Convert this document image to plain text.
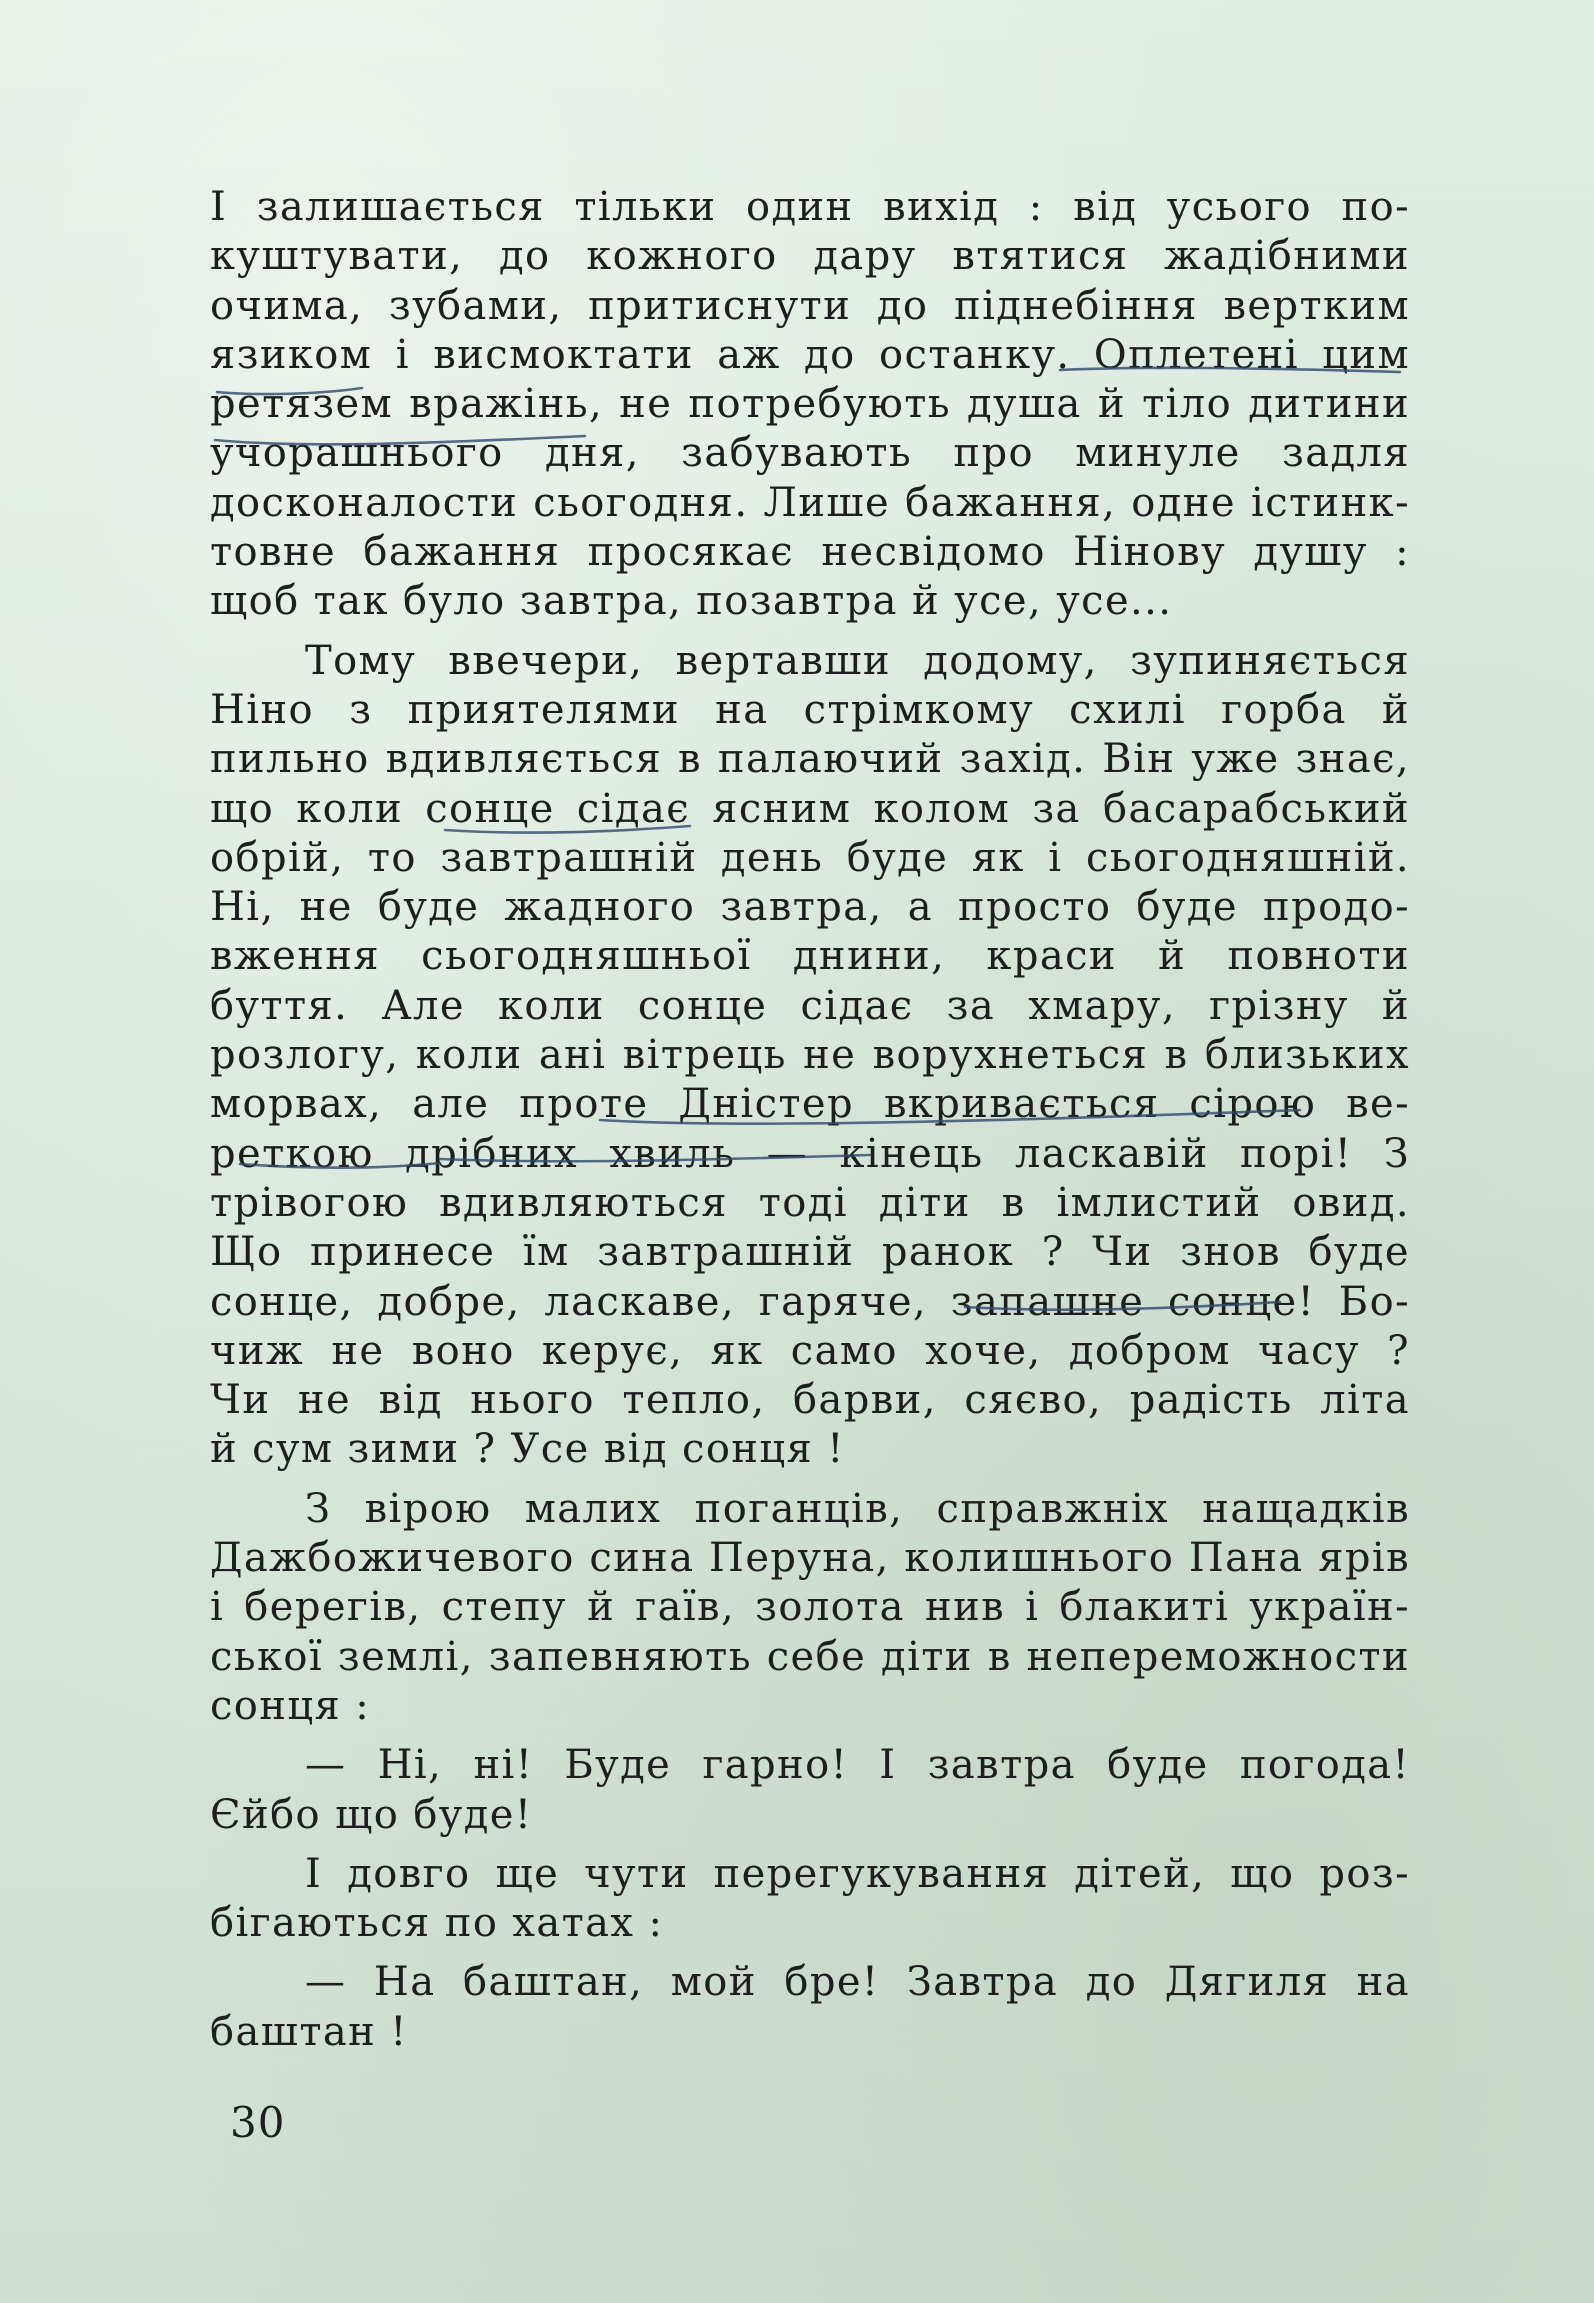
І залишається тільки один вихід : від усього по-
куштувати, до кожного дару втятися жадібними
очима, зубами, притиснути до піднебіння вертким
язиком і висмоктати аж до останку. Оплетені цим
ретязем вражінь, не потребують душа й тіло дитини
учорашнього дня, забувають про минуле задля
досконалости сьогодня. Лише бажання, одне істинк-
товне бажання просякає несвідомо Нінову душу :
щоб так було завтра, позавтра й усе, усе...
Тому ввечери, вертавши додому, зупиняється
Ніно з приятелями на стрімкому схилі горба й
пильно вдивляється в палаючий захід. Він уже знає,
що коли сонце сідає ясним колом за басарабський
обрій, то завтрашній день буде як і сьогодняшній.
Ні, не буде жадного завтра, а просто буде продо-
вження сьогодняшньої днини, краси й повноти
буття. Але коли сонце сідає за хмару, грізну й
розлогу, коли ані вітрець не ворухнеться в близьких
морвах, але проте Дністер вкривається сірою ве-
реткою дрібних хвиль — кінець ласкавій порі! З
трівогою вдивляються тоді діти в імлистий овид.
Що принесе їм завтрашній ранок ? Чи знов буде
сонце, добре, ласкаве, гаряче, запашне сонце! Бо-
чиж не воно керує, як само хоче, добром часу ?
Чи не від нього тепло, барви, сяєво, радість літа
й сум зими ? Усе від сонця !
З вірою малих поганців, справжніх нащадків
Дажбожичевого сина Перуна, колишнього Пана ярів
і берегів, степу й гаїв, золота нив і блакиті україн-
ської землі, запевняють себе діти в непереможности
сонця :
— Ні, ні! Буде гарно! І завтра буде погода!
Єйбо що буде!
І довго ще чути перегукування дітей, що роз-
бігаються по хатах :
— На баштан, мой бре! Завтра до Дягиля на
баштан !
30
